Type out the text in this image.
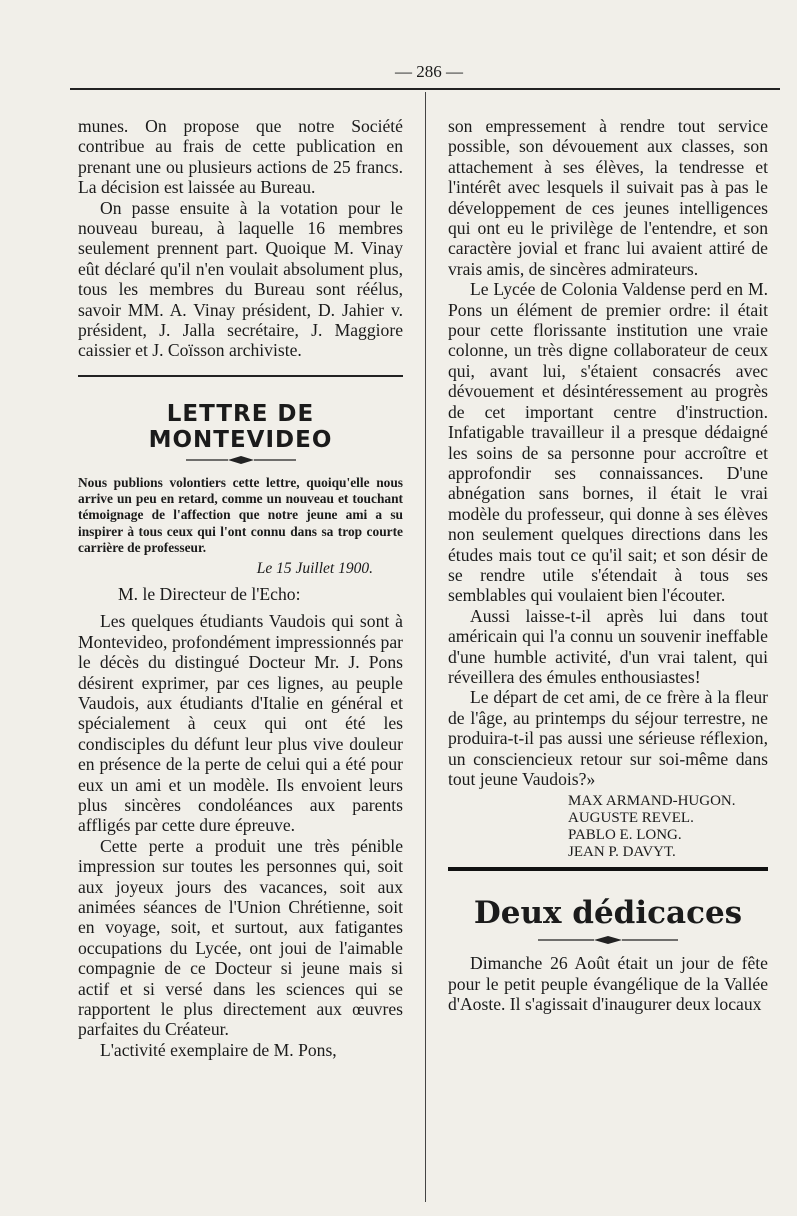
— 286 —

munes. On propose que notre Société contribue au frais de cette publication en prenant une ou plusieurs actions de 25 francs. La décision est laissée au Bureau.

On passe ensuite à la votation pour le nouveau bureau, à laquelle 16 membres seulement prennent part. Quoique M. Vinay eût déclaré qu'il n'en voulait absolument plus, tous les membres du Bureau sont réélus, savoir MM. A. Vinay président, D. Jahier v. président, J. Jalla secrétaire, J. Maggiore caissier et J. Coïsson archiviste.

LETTRE DE MONTEVIDEO

Nous publions volontiers cette lettre, quoiqu'elle nous arrive un peu en retard, comme un nouveau et touchant témoignage de l'affection que notre jeune ami a su inspirer à tous ceux qui l'ont connu dans sa trop courte carrière de professeur.

Le 15 Juillet 1900.

M. le Directeur de l'Echo:

Les quelques étudiants Vaudois qui sont à Montevideo, profondément impressionnés par le décès du distingué Docteur Mr. J. Pons désirent exprimer, par ces lignes, au peuple Vaudois, aux étudiants d'Italie en général et spécialement à ceux qui ont été les condisciples du défunt leur plus vive douleur en présence de la perte de celui qui a été pour eux un ami et un modèle. Ils envoient leurs plus sincères condoléances aux parents affligés par cette dure épreuve.

Cette perte a produit une très pénible impression sur toutes les personnes qui, soit aux joyeux jours des vacances, soit aux animées séances de l'Union Chrétienne, soit en voyage, soit, et surtout, aux fatigantes occupations du Lycée, ont joui de l'aimable compagnie de ce Docteur si jeune mais si actif et si versé dans les sciences qui se rapportent le plus directement aux œuvres parfaites du Créateur.

L'activité exemplaire de M. Pons,

son empressement à rendre tout service possible, son dévouement aux classes, son attachement à ses élèves, la tendresse et l'intérêt avec lesquels il suivait pas à pas le développement de ces jeunes intelligences qui ont eu le privilège de l'entendre, et son caractère jovial et franc lui avaient attiré de vrais amis, de sincères admirateurs.

Le Lycée de Colonia Valdense perd en M. Pons un élément de premier ordre: il était pour cette florissante institution une vraie colonne, un très digne collaborateur de ceux qui, avant lui, s'étaient consacrés avec dévouement et désintéressement au progrès de cet important centre d'instruction. Infatigable travailleur il a presque dédaigné les soins de sa personne pour accroître et approfondir ses connaissances. D'une abnégation sans bornes, il était le vrai modèle du professeur, qui donne à ses élèves non seulement quelques directions dans les études mais tout ce qu'il sait; et son désir de se rendre utile s'étendait à tous ses semblables qui voulaient bien l'écouter.

Aussi laisse-t-il après lui dans tout américain qui l'a connu un souvenir ineffable d'une humble activité, d'un vrai talent, qui réveillera des émules enthousiastes!

Le départ de cet ami, de ce frère à la fleur de l'âge, au printemps du séjour terrestre, ne produira-t-il pas aussi une sérieuse réflexion, un consciencieux retour sur soi-même dans tout jeune Vaudois?»

MAX ARMAND-HUGON.
AUGUSTE REVEL.
PABLO E. LONG.
JEAN P. DAVYT.
Deux dédicaces

Dimanche 26 Août était un jour de fête pour le petit peuple évangélique de la Vallée d'Aoste. Il s'agissait d'inaugurer deux locaux
